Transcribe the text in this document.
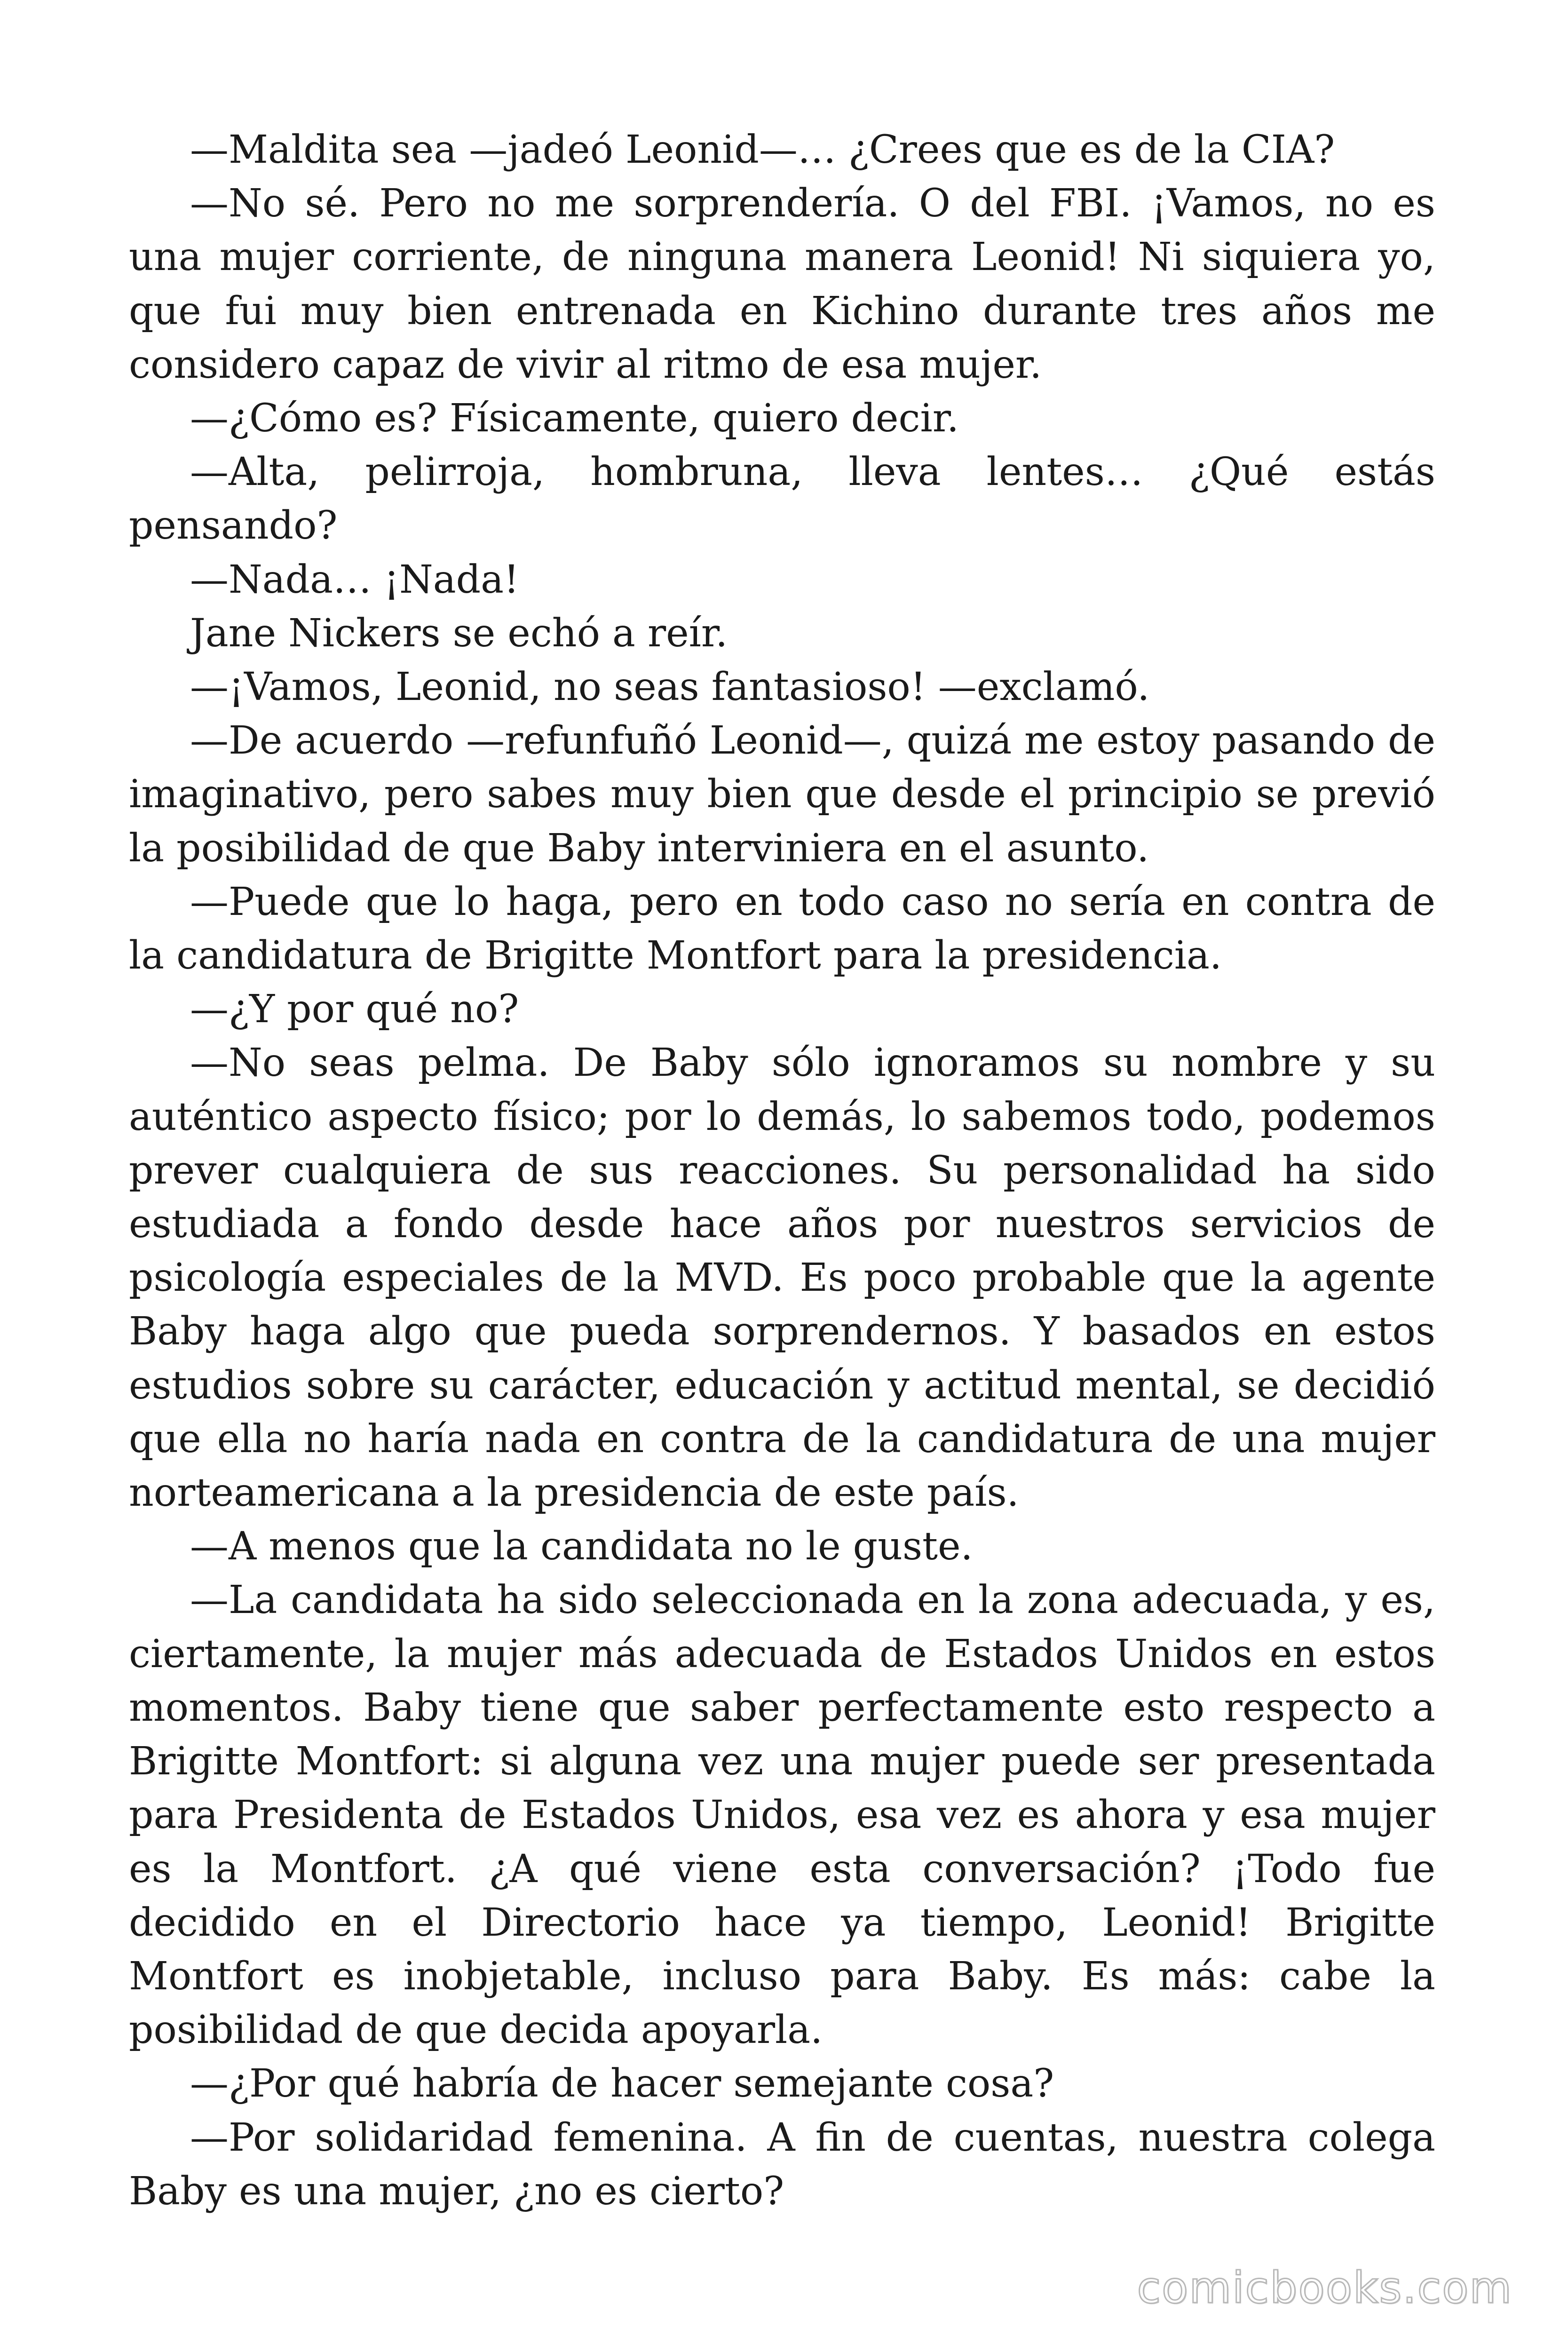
—Maldita sea —jadeó Leonid—… ¿Crees que es de la CIA?

—No sé. Pero no me sorprendería. O del FBI. ¡Vamos, no es una mujer corriente, de ninguna manera Leonid! Ni siquiera yo, que fui muy bien entrenada en Kichino durante tres años me considero capaz de vivir al ritmo de esa mujer.

—¿Cómo es? Físicamente, quiero decir.

—Alta, pelirroja, hombruna, lleva lentes… ¿Qué estás pensando?

—Nada… ¡Nada!

Jane Nickers se echó a reír.

—¡Vamos, Leonid, no seas fantasioso! —exclamó.

—De acuerdo —refunfuñó Leonid—, quizá me estoy pasando de imaginativo, pero sabes muy bien que desde el principio se previó la posibilidad de que Baby interviniera en el asunto.

—Puede que lo haga, pero en todo caso no sería en contra de la candidatura de Brigitte Montfort para la presidencia.

—¿Y por qué no?

—No seas pelma. De Baby sólo ignoramos su nombre y su auténtico aspecto físico; por lo demás, lo sabemos todo, podemos prever cualquiera de sus reacciones. Su personalidad ha sido estudiada a fondo desde hace años por nuestros servicios de psicología especiales de la MVD. Es poco probable que la agente Baby haga algo que pueda sorprendernos. Y basados en estos estudios sobre su carácter, educación y actitud mental, se decidió que ella no haría nada en contra de la candidatura de una mujer norteamericana a la presidencia de este país.

—A menos que la candidata no le guste.

—La candidata ha sido seleccionada en la zona adecuada, y es, ciertamente, la mujer más adecuada de Estados Unidos en estos momentos. Baby tiene que saber perfectamente esto respecto a Brigitte Montfort: si alguna vez una mujer puede ser presentada para Presidenta de Estados Unidos, esa vez es ahora y esa mujer es la Montfort. ¿A qué viene esta conversación? ¡Todo fue decidido en el Directorio hace ya tiempo, Leonid! Brigitte Montfort es inobjetable, incluso para Baby. Es más: cabe la posibilidad de que decida apoyarla.

—¿Por qué habría de hacer semejante cosa?

—Por solidaridad femenina. A fin de cuentas, nuestra colega Baby es una mujer, ¿no es cierto?

comicbooks.com
